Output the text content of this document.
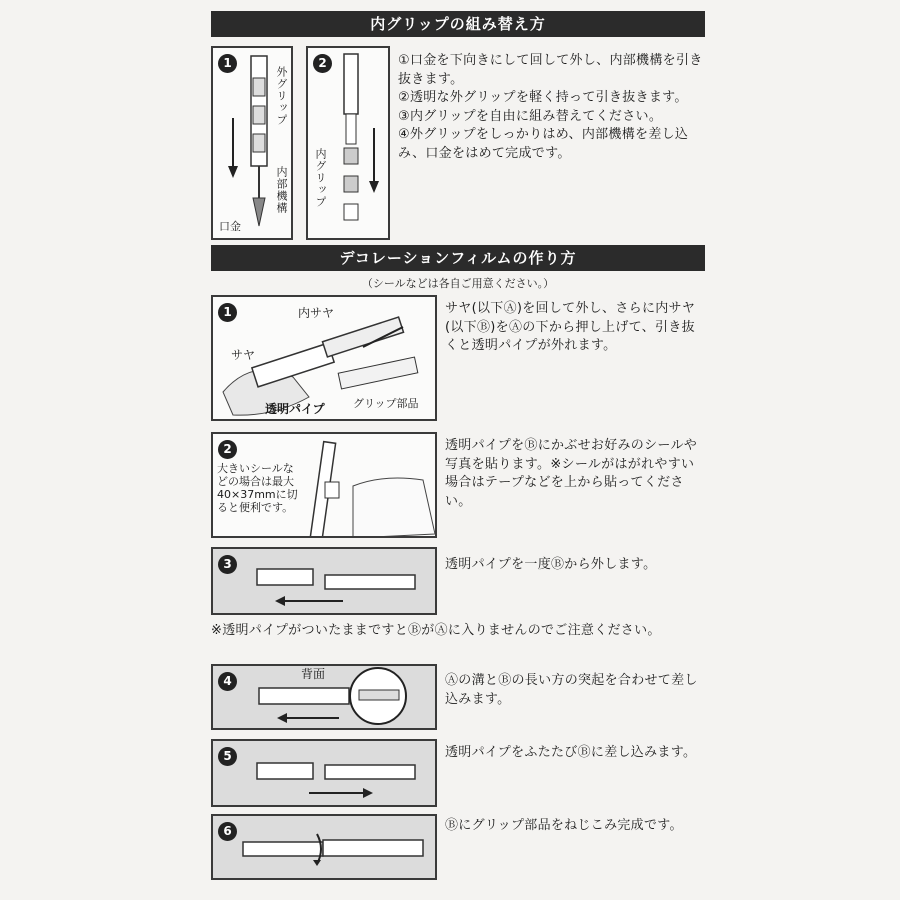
内グリップの組み替え方
1
外グリップ
内部機構
口金
2
内グリップ
①口金を下向きにして回して外し、内部機構を引き抜きます。
②透明な外グリップを軽く持って引き抜きます。
③内グリップを自由に組み替えてください。
④外グリップをしっかりはめ、内部機構を差し込み、口金をはめて完成です。
デコレーションフィルムの作り方
（シールなどは各自ご用意ください。）
1	内サヤ
サヤ
透明パイプ	グリップ部品
サヤ(以下Ⓐ)を回して外し、さらに内サヤ(以下Ⓑ)をⒶの下から押し上げて、引き抜くと透明パイプが外れます。
2
大きいシールなどの場合は最大40×37mmに切ると便利です。
透明パイプをⒷにかぶせお好みのシールや写真を貼ります。※シールがはがれやすい場合はテープなどを上から貼ってください。
3	透明パイプを一度Ⓑから外します。
※透明パイプがついたままですとⒷがⒶに入りませんのでご注意ください。
4	背面	Ⓐの溝とⒷの長い方の突起を合わせて差し込みます。
5	透明パイプをふたたびⒷに差し込みます。
6	Ⓑにグリップ部品をねじこみ完成です。
